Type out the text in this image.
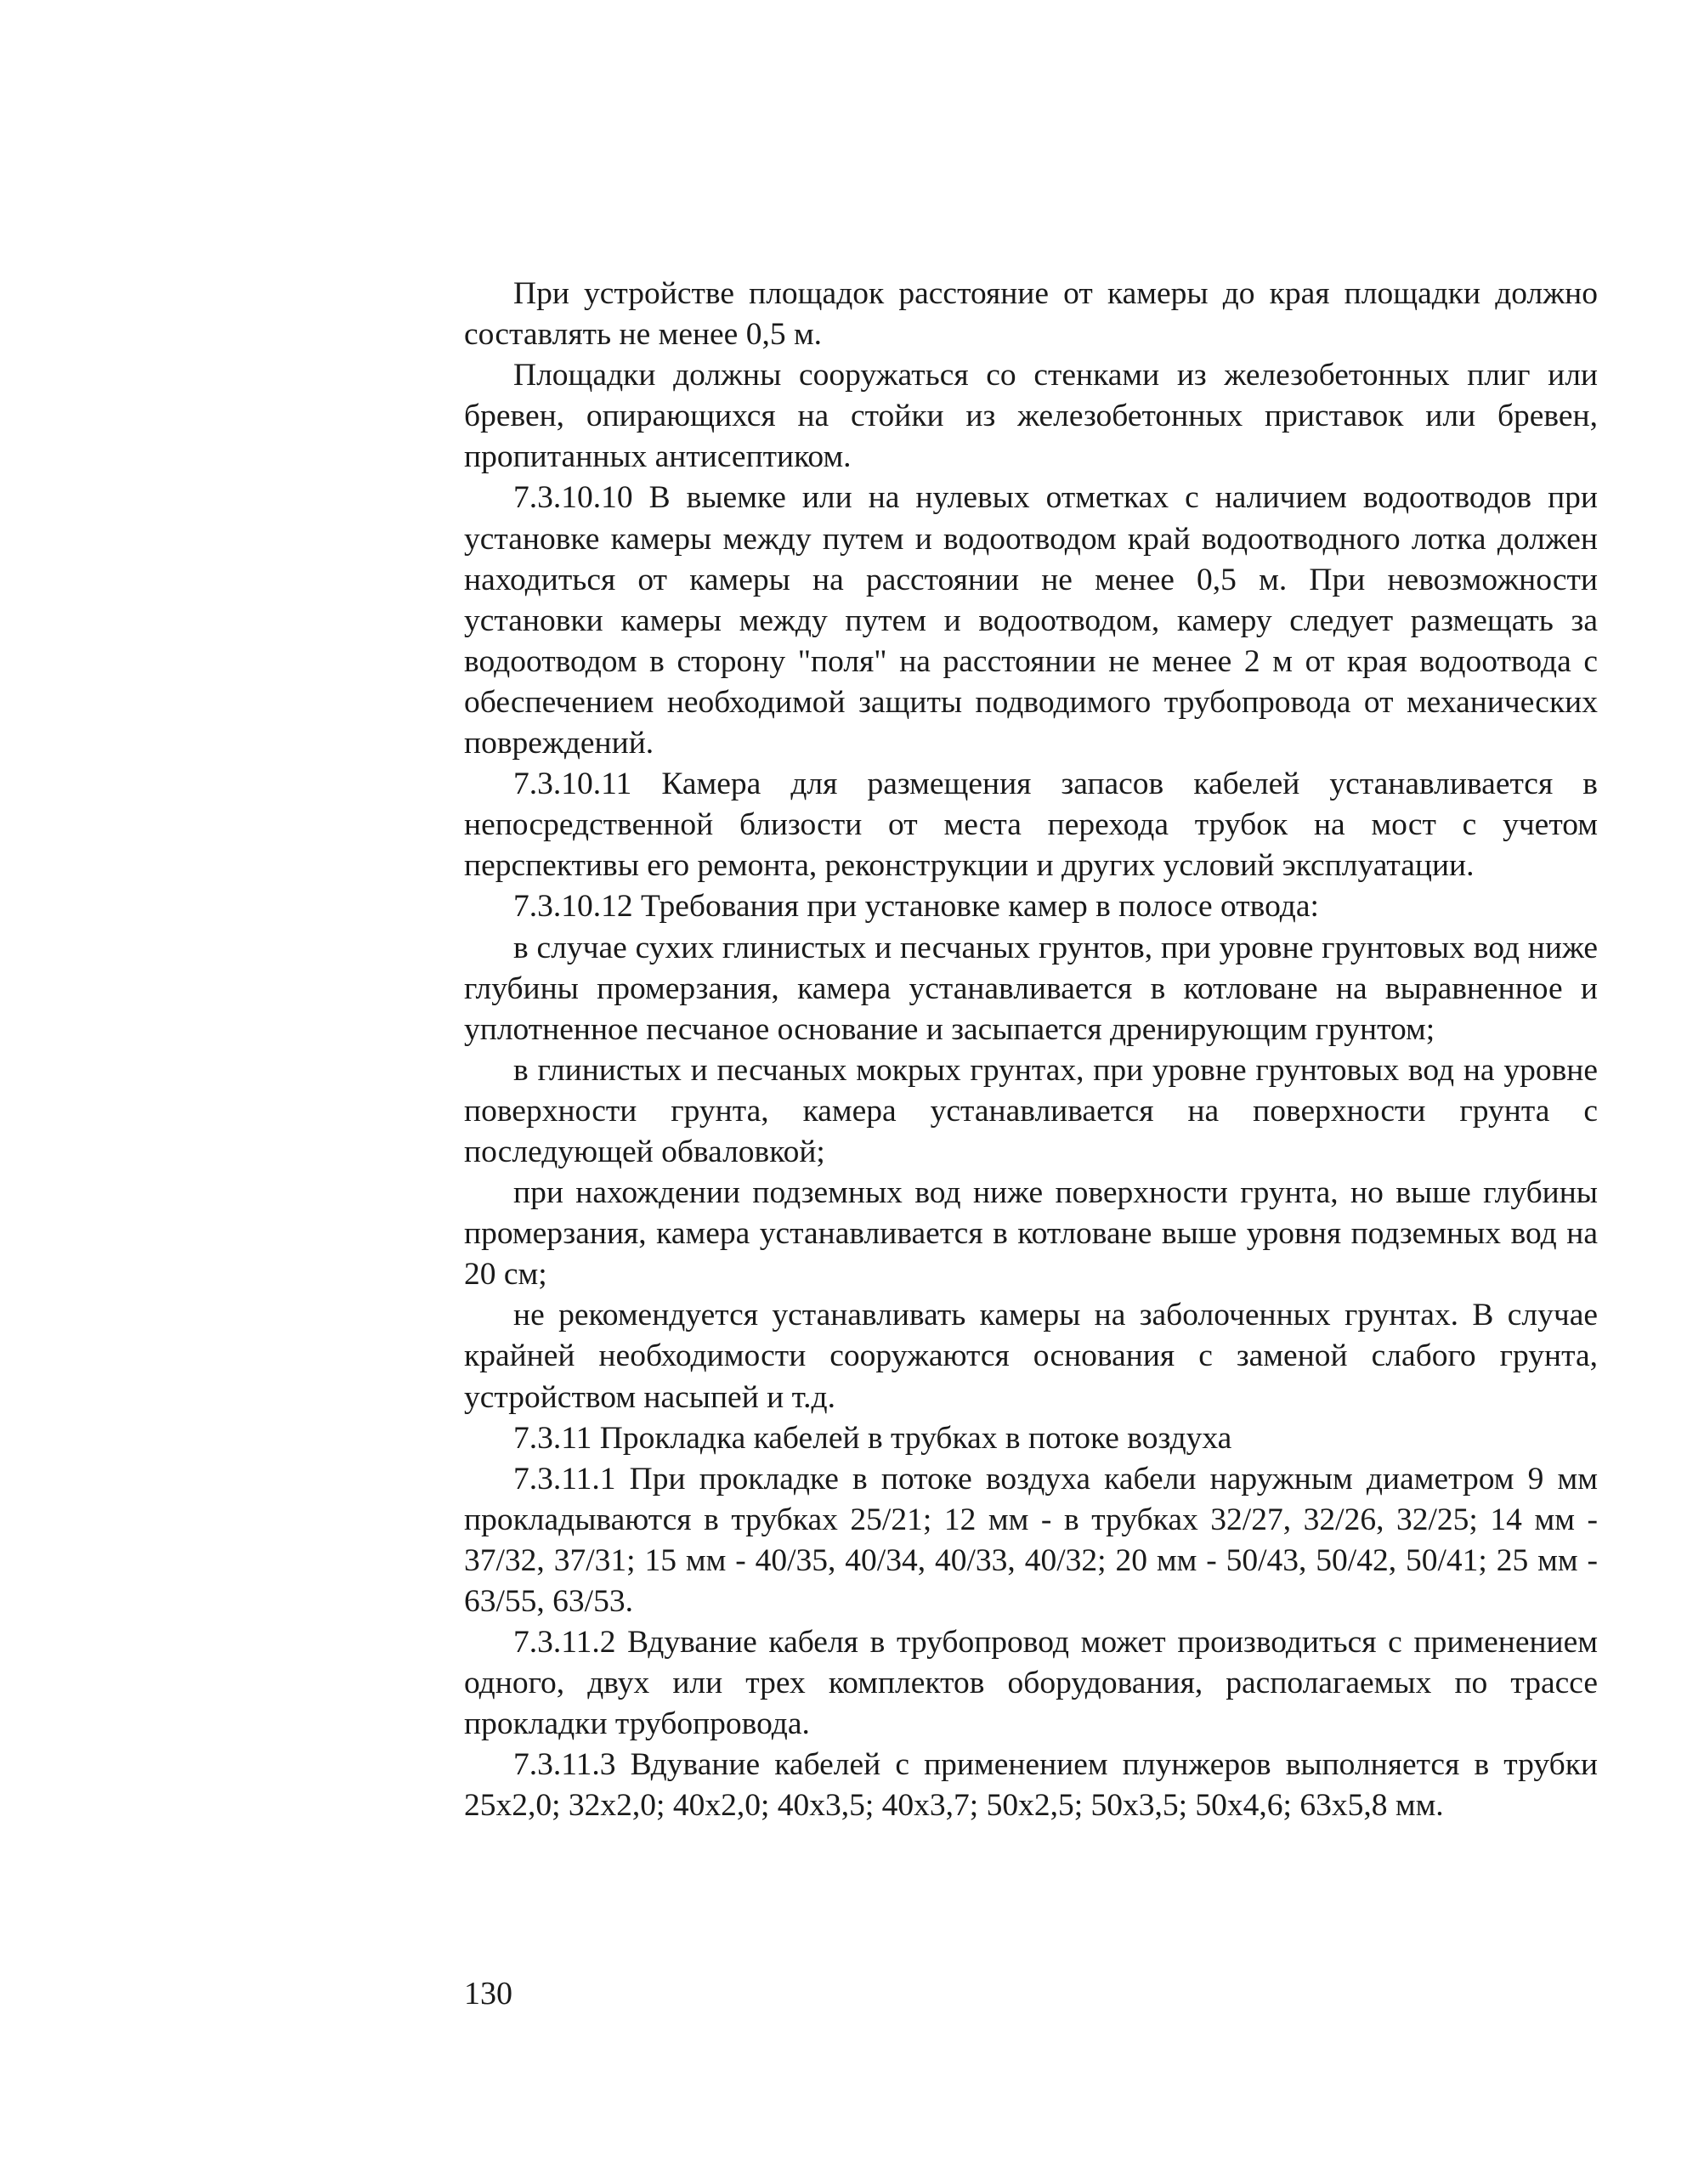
При устройстве площадок расстояние от камеры до края площадки должно составлять не менее 0,5 м.

Площадки должны сооружаться со стенками из железобетонных плиг или бревен, опирающихся на стойки из железобетонных приставок или бревен, пропитанных антисептиком.

7.3.10.10 В выемке или на нулевых отметках с наличием водоотводов при установке камеры между путем и водоотводом край водоотводного лотка должен находиться от камеры на расстоянии не менее 0,5 м. При невозможности установки камеры между путем и водоотводом, камеру следует размещать за водоотводом в сторону "поля" на расстоянии не менее 2 м от края водоотвода с обеспечением необходимой защиты подводимого трубопровода от механических повреждений.

7.3.10.11 Камера для размещения запасов кабелей устанавливается в непосредственной близости от места перехода трубок на мост с учетом перспективы его ремонта, реконструкции и других условий эксплуатации.

7.3.10.12 Требования при установке камер в полосе отвода:

в случае сухих глинистых и песчаных грунтов, при уровне грунтовых вод ниже глубины промерзания, камера устанавливается в котловане на выравненное и уплотненное песчаное основание и засыпается дренирующим грунтом;

в глинистых и песчаных мокрых грунтах, при уровне грунтовых вод на уровне поверхности грунта, камера устанавливается на поверхности грунта с последующей обваловкой;

при нахождении подземных вод ниже поверхности грунта, но выше глубины промерзания, камера устанавливается в котловане выше уровня подземных вод на 20 см;

не рекомендуется устанавливать камеры на заболоченных грунтах. В случае крайней необходимости сооружаются основания с заменой слабого грунта, устройством насыпей и т.д.

7.3.11 Прокладка кабелей в трубках в потоке воздуха

7.3.11.1 При прокладке в потоке воздуха кабели наружным диаметром 9 мм прокладываются в трубках 25/21; 12 мм - в трубках 32/27, 32/26, 32/25; 14 мм - 37/32, 37/31; 15 мм - 40/35, 40/34, 40/33, 40/32; 20 мм - 50/43, 50/42, 50/41; 25 мм - 63/55, 63/53.

7.3.11.2 Вдувание кабеля в трубопровод может производиться с применением одного, двух или трех комплектов оборудования, располагаемых по трассе прокладки трубопровода.

7.3.11.3 Вдувание кабелей с применением плунжеров выполняется в трубки 25x2,0; 32x2,0; 40x2,0; 40x3,5; 40x3,7; 50x2,5; 50x3,5; 50x4,6; 63x5,8 мм.

130
